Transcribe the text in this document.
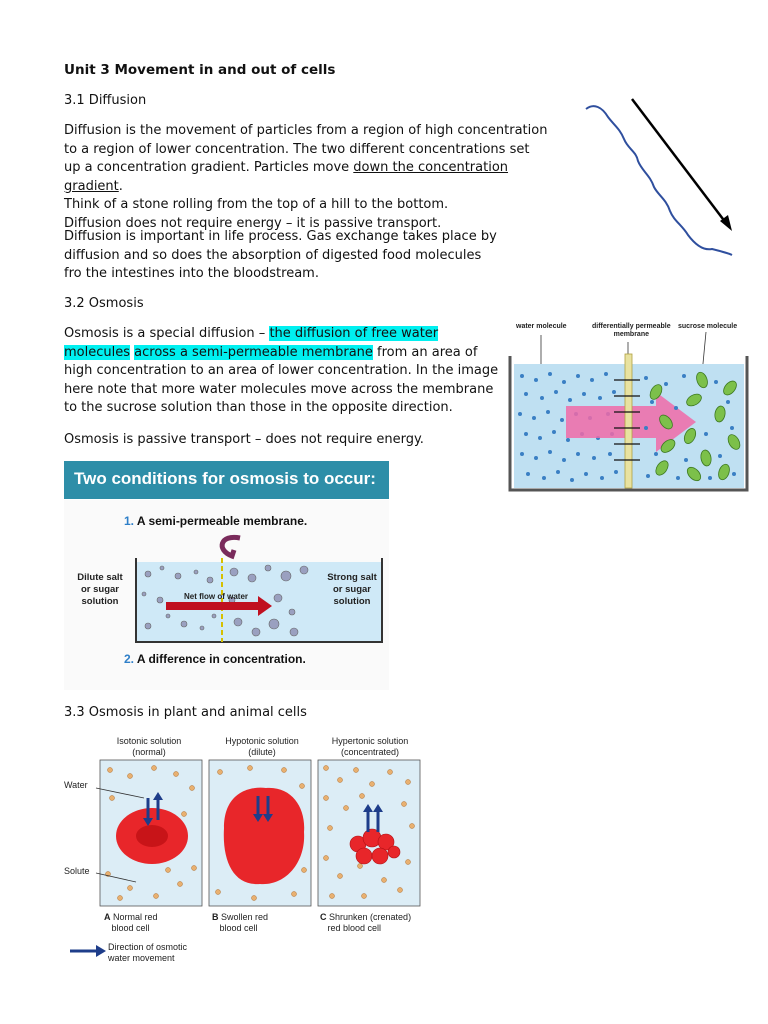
Unit 3 Movement in and out of cells

3.1 Diffusion

Diffusion is the movement of particles from a region of high concentration to a region of lower concentration. The two different concentrations set up a concentration gradient. Particles move down the concentration gradient.
Think of a stone rolling from the top of a hill to the bottom.
Diffusion does not require energy – it is passive transport.

Diffusion is important in life process. Gas exchange takes place by diffusion and so does the absorption of digested food molecules fro the intestines into the bloodstream.

3.2 Osmosis

Osmosis is a special diffusion – the diffusion of free water molecules across a semi-permeable membrane from an area of high concentration to an area of lower concentration. In the image here note that more water molecules move across the membrane to the sucrose solution than those in the opposite direction.

Osmosis is passive transport – does not require energy.

3.3 Osmosis in plant and animal cells

water molecule	differentially permeable
membrane
sucrose molecule
Two conditions for osmosis to occur:
1. A semi-permeable membrane.
Net flow of water
Dilute salt
or sugar
solution
Strong salt
or sugar
solution
2. A difference in concentration.
Isotonic solution
(normal)
Hypotonic solution
(dilute)
Hypertonic solution
(concentrated)
Water
Solute
A Normal red
blood cell
B Swollen red
blood cell
C Shrunken (crenated)
red blood cell
Direction of osmotic
water movement
